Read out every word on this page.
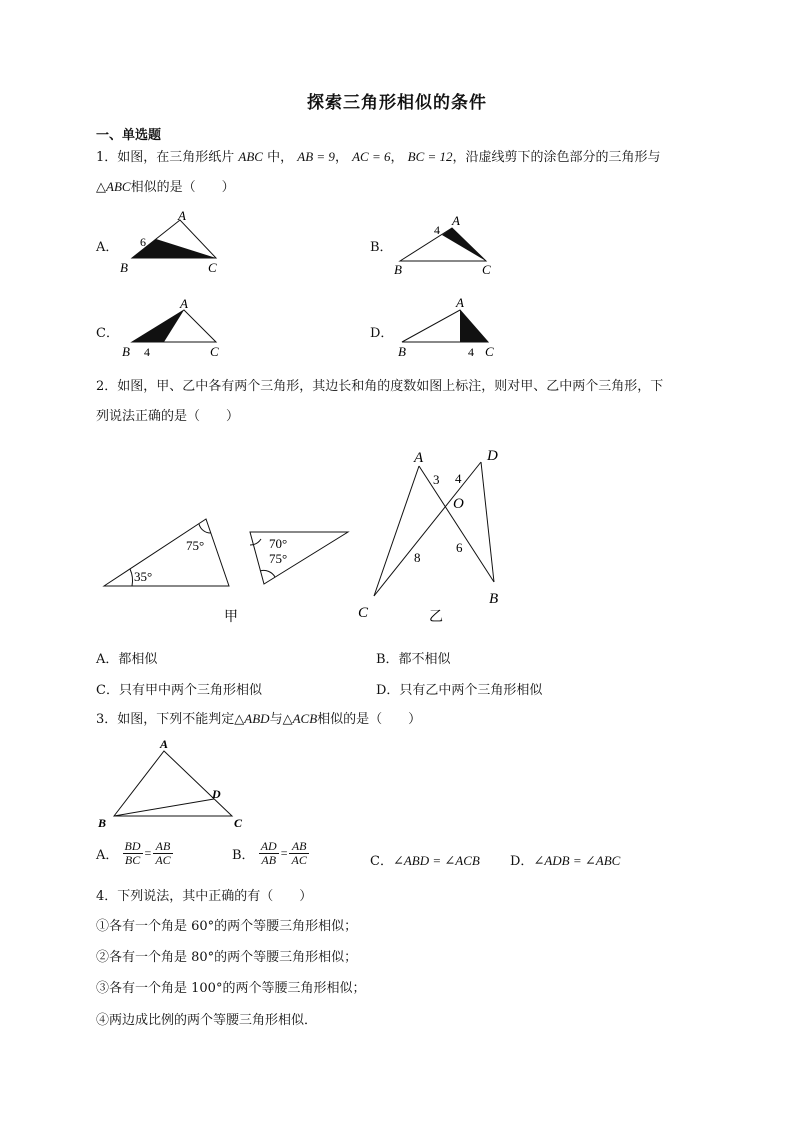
探索三角形相似的条件
一、单选题
1．如图，在三角形纸片 ABC 中， AB = 9， AC = 6， BC = 12，沿虚线剪下的涂色部分的三角形与
△ABC相似的是（　　）
A．
A
B	C
6	B．
A
B	C
4
C．
A
B	C
4
D．
A
B	C
4
2．如图，甲、乙中各有两个三角形，其边长和角的度数如图上标注，则对甲、乙中两个三角形，下
列说法正确的是（　　）
75°
35°
70°
75°
甲
A	D
O
C
B
3 4
8
6
乙
A．都相似	B．都不相似
C．只有甲中两个三角形相似	D．只有乙中两个三角形相似
3．如图，下列不能判定△ABD与△ACB相似的是（　　）
A
B	C
D
A． $\frac{BD}{BC} = \frac{AB}{AC}$	B． $\frac{AD}{AB} = \frac{AB}{AC}$	C．∠ABD = ∠ACB D．∠ADB = ∠ABC
4．下列说法，其中正确的有（　　）
①各有一个角是 60°的两个等腰三角形相似；
②各有一个角是 80°的两个等腰三角形相似；
③各有一个角是 100°的两个等腰三角形相似；
④两边成比例的两个等腰三角形相似．
